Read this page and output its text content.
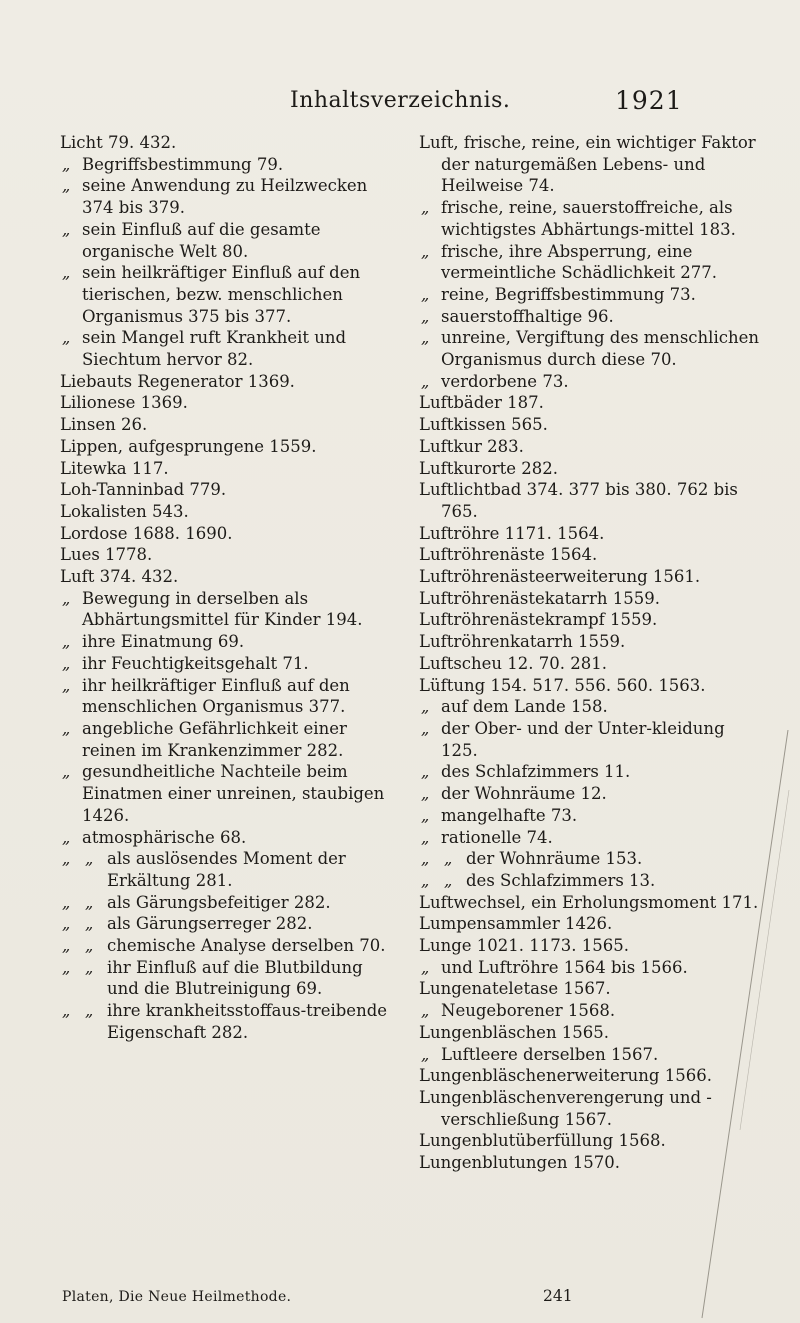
Inhaltsverzeichnis.	1921

Licht 79. 432.

„ Begriffsbestimmung 79.

„ seine Anwendung zu Heilzwecken 374 bis 379.

„ sein Einfluß auf die gesamte organische Welt 80.

„ sein heilkräftiger Einfluß auf den tierischen, bezw. menschlichen Organismus 375 bis 377.

„ sein Mangel ruft Krankheit und Siechtum hervor 82.

Liebauts Regenerator 1369.

Lilionese 1369.

Linsen 26.

Lippen, aufgesprungene 1559.

Litewka 117.

Loh-Tanninbad 779.

Lokalisten 543.

Lordose 1688. 1690.

Lues 1778.

Luft 374. 432.

„ Bewegung in derselben als Abhärtungsmittel für Kinder 194.

„ ihre Einatmung 69.

„ ihr Feuchtigkeitsgehalt 71.

„ ihr heilkräftiger Einfluß auf den menschlichen Organismus 377.

„ angebliche Gefährlichkeit einer reinen im Krankenzimmer 282.

„ gesundheitliche Nachteile beim Einatmen einer unreinen, staubigen 1426.

„ atmosphärische 68.

„ „ als auslösendes Moment der Erkältung 281.

„ „ als Gärungsbefeitiger 282.

„ „ als Gärungserreger 282.

„ „ chemische Analyse derselben 70.

„ „ ihr Einfluß auf die Blutbildung und die Blutreinigung 69.

„ „ ihre krankheitsstoffaus-treibende Eigenschaft 282.

Luft, frische, reine, ein wichtiger Faktor der naturgemäßen Lebens- und Heilweise 74.

„ frische, reine, sauerstoffreiche, als wichtigstes Abhärtungs-mittel 183.

„ frische, ihre Absperrung, eine vermeintliche Schädlichkeit 277.

„ reine, Begriffsbestimmung 73.

„ sauerstoffhaltige 96.

„ unreine, Vergiftung des menschlichen Organismus durch diese 70.

„ verdorbene 73.

Luftbäder 187.

Luftkissen 565.

Luftkur 283.

Luftkurorte 282.

Luftlichtbad 374. 377 bis 380. 762 bis 765.

Luftröhre 1171. 1564.

Luftröhrenäste 1564.

Luftröhrenästeerweiterung 1561.

Luftröhrenästekatarrh 1559.

Luftröhrenästekrampf 1559.

Luftröhrenkatarrh 1559.

Luftscheu 12. 70. 281.

Lüftung 154. 517. 556. 560. 1563.

„ auf dem Lande 158.

„ der Ober- und der Unter-kleidung 125.

„ des Schlafzimmers 11.

„ der Wohnräume 12.

„ mangelhafte 73.

„ rationelle 74.

„ „ der Wohnräume 153.

„ „ des Schlafzimmers 13.

Luftwechsel, ein Erholungsmoment 171.

Lumpensammler 1426.

Lunge 1021. 1173. 1565.

„ und Luftröhre 1564 bis 1566.

Lungenateletase 1567.

„ Neugeborener 1568.

Lungenbläschen 1565.

„ Luftleere derselben 1567.

Lungenbläschenerweiterung 1566.

Lungenbläschenverengerung und -verschließung 1567.

Lungenblutüberfüllung 1568.

Lungenblutungen 1570.

Platen, Die Neue Heilmethode.	241
